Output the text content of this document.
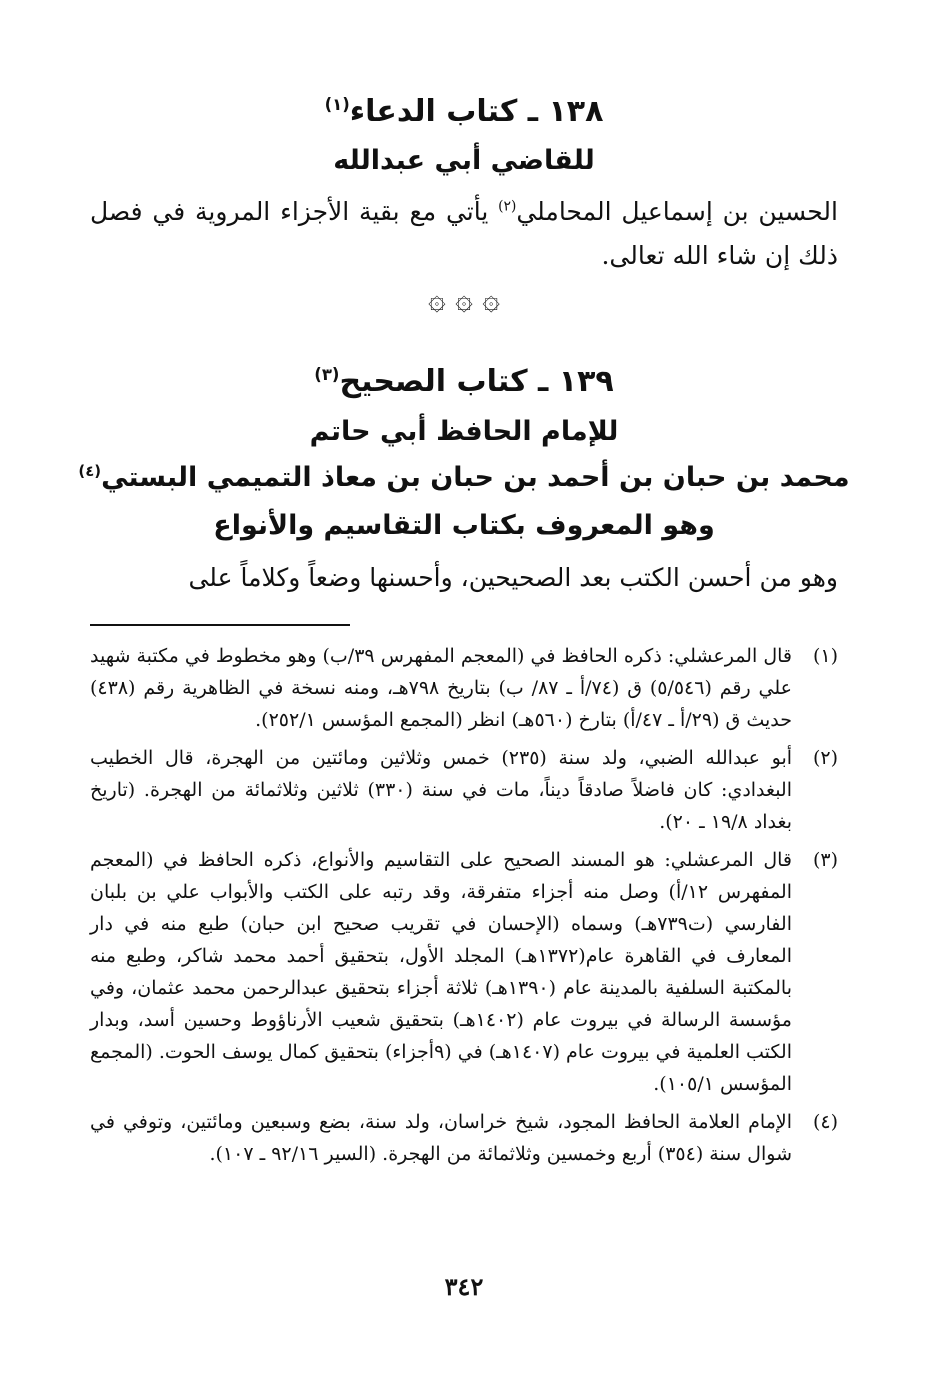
١٣٨ ـ كتاب الدعاء$^{(١)}$
للقاضي أبي عبدالله
الحسين بن إسماعيل المحاملي$^{(٢)}$ يأتي مع بقية الأجزاء المروية في فصل ذلك إن شاء الله تعالى.
۞ ۞ ۞
١٣٩ ـ كتاب الصحيح$^{(٣)}$
للإمام الحافظ أبي حاتم
محمد بن حبان بن أحمد بن حبان بن معاذ التميمي البستي$^{(٤)}$
وهو المعروف بكتاب التقاسيم والأنواع
وهو من أحسن الكتب بعد الصحيحين، وأحسنها وضعاً وكلاماً على
(١)
قال المرعشلي: ذكره الحافظ في (المعجم المفهرس ٣٩/ب) وهو مخطوط في مكتبة شهيد علي رقم (٥/٥٤٦) ق (٧٤/أ ـ ٨٧/ ب) بتاريخ ٧٩٨هـ، ومنه نسخة في الظاهرية رقم (٤٣٨) حديث ق (٢٩/أ ـ ٤٧/أ) بتارخ (٥٦٠هـ) انظر (المجمع المؤسس ٢٥٢/١).
(٢)
أبو عبدالله الضبي، ولد سنة (٢٣٥) خمس وثلاثين ومائتين من الهجرة، قال الخطيب البغدادي: كان فاضلاً صادقاً ديناً، مات في سنة (٣٣٠) ثلاثين وثلاثمائة من الهجرة. (تاريخ بغداد ١٩/٨ ـ ٢٠).
(٣)
قال المرعشلي: هو المسند الصحيح على التقاسيم والأنواع، ذكره الحافظ في (المعجم المفهرس ١٢/أ) وصل منه أجزاء متفرقة، وقد رتبه على الكتب والأبواب علي بن بلبان الفارسي (ت٧٣٩هـ) وسماه (الإحسان في تقريب صحيح ابن حبان) طبع منه في دار المعارف في القاهرة عام(١٣٧٢هـ) المجلد الأول، بتحقيق أحمد محمد شاكر، وطبع منه بالمكتبة السلفية بالمدينة عام (١٣٩٠هـ) ثلاثة أجزاء بتحقيق عبدالرحمن محمد عثمان، وفي مؤسسة الرسالة في بيروت عام (١٤٠٢هـ) بتحقيق شعيب الأرناؤوط وحسين أسد، وبدار الكتب العلمية في بيروت عام (١٤٠٧هـ) في (٩أجزاء) بتحقيق كمال يوسف الحوت. (المجمع المؤسس ١٠٥/١).
(٤)
الإمام العلامة الحافظ المجود، شيخ خراسان، ولد سنة، بضع وسبعين ومائتين، وتوفي في شوال سنة (٣٥٤) أربع وخمسين وثلاثمائة من الهجرة. (السير ٩٢/١٦ ـ ١٠٧).
٣٤٢
